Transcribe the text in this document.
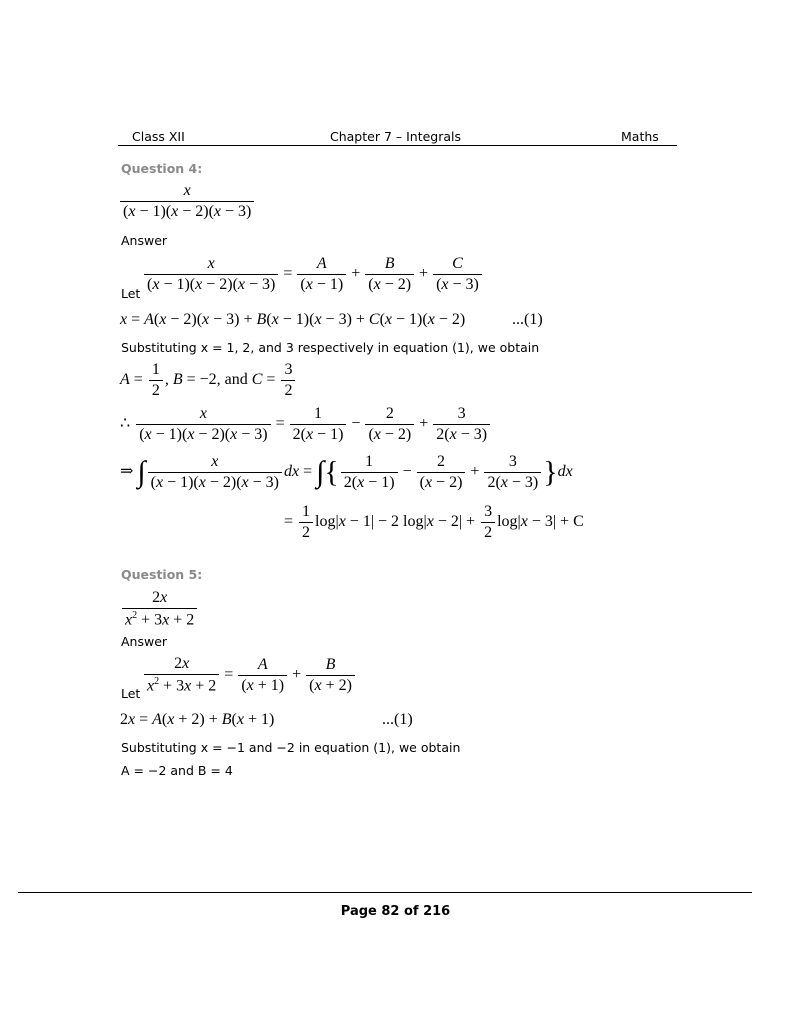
Class XII	Chapter 7 – Integrals	Maths
Question 4:
$\frac{x}{(x - 1)(x - 2)(x - 3)}$
Answer
Let
$\frac{x}{(x - 1)(x - 2)(x - 3)} = \frac{A}{(x - 1)} + \frac{B}{(x - 2)} + \frac{C}{(x - 3)}$
x = A(x − 2)(x − 3) + B(x − 1)(x − 3) + C(x − 1)(x − 2)	...(1)
Substituting x = 1, 2, and 3 respectively in equation (1), we obtain
$A = \frac{1}{2}$ , B = −2, and $C = \frac{3}{2}$
∴ $\frac{x}{(x - 1)(x - 2)(x - 3)} = \frac{1}{2(x - 1)} - \frac{2}{(x - 2)} + \frac{3}{2(x - 3)}$
⇒ ∫ $\frac{x}{(x - 1)(x - 2)(x - 3)}$ dx = ∫{ $\frac{1}{2(x - 1)} - \frac{2}{(x - 2)} + \frac{3}{2(x - 3)} \}dx$
= $\frac{1}{2} \log|x - 1| - 2$ $\log|x - 2| + \frac{3}{2} \log|x - 3| + C$
Question 5:
$\frac{2x}{x^2 + 3x + 2}$
Answer
Let $\frac{2x}{x^2 + 3x + 2} = \frac{A}{(x + 1)} + \frac{B}{(x + 2)}$
2x = A(x + 2) + B(x + 1)	...(1)
Substituting x = −1 and −2 in equation (1), we obtain
A = −2 and B = 4
Page 82 of 216
